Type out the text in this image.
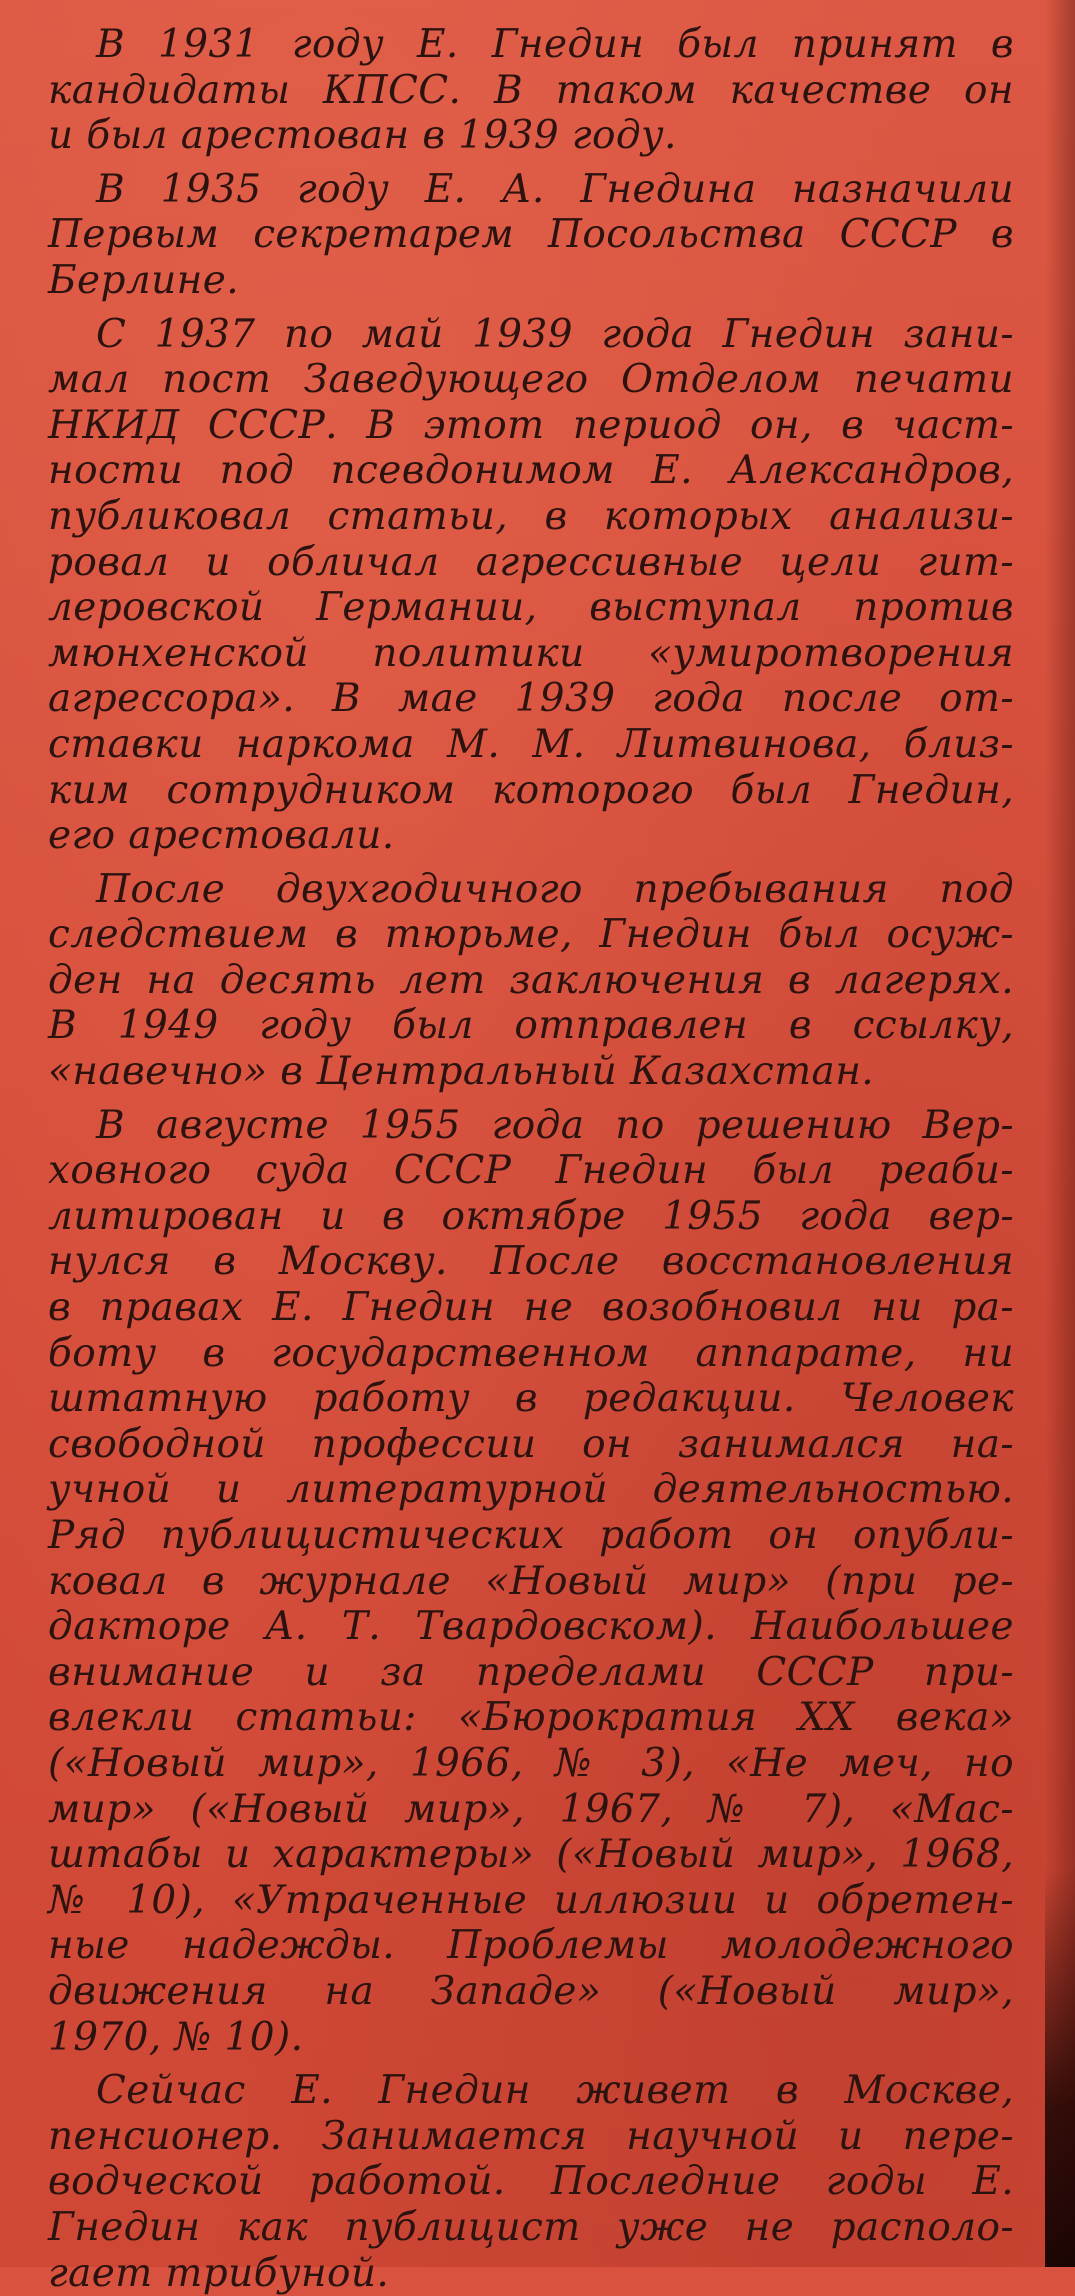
В 1931 году Е. Гнедин был принят в
кандидаты КПСС. В таком качестве он
и был арестован в 1939 году.
В 1935 году Е. А. Гнедина назначили
Первым секретарем Посольства СССР в
Берлине.
С 1937 по май 1939 года Гнедин зани-
мал пост Заведующего Отделом печати
НКИД СССР. В этот период он, в част-
ности под псевдонимом Е. Александров,
публиковал статьи, в которых анализи-
ровал и обличал агрессивные цели гит-
леровской Германии, выступал против
мюнхенской политики «умиротворения
агрессора». В мае 1939 года после от-
ставки наркома М. М. Литвинова, близ-
ким сотрудником которого был Гнедин,
его арестовали.
После двухгодичного пребывания под
следствием в тюрьме, Гнедин был осуж-
ден на десять лет заключения в лагерях.
В 1949 году был отправлен в ссылку,
«навечно» в Центральный Казахстан.
В августе 1955 года по решению Вер-
ховного суда СССР Гнедин был реаби-
литирован и в октябре 1955 года вер-
нулся в Москву. После восстановления
в правах Е. Гнедин не возобновил ни ра-
боту в государственном аппарате, ни
штатную работу в редакции. Человек
свободной профессии он занимался на-
учной и литературной деятельностью.
Ряд публицистических работ он опубли-
ковал в журнале «Новый мир» (при ре-
дакторе А. Т. Твардовском). Наибольшее
внимание и за пределами СССР при-
влекли статьи: «Бюрократия XX века»
(«Новый мир», 1966, № 3), «Не меч, но
мир» («Новый мир», 1967, № 7), «Мас-
штабы и характеры» («Новый мир», 1968,
№ 10), «Утраченные иллюзии и обретен-
ные надежды. Проблемы молодежного
движения на Западе» («Новый мир»,
1970, № 10).
Сейчас Е. Гнедин живет в Москве,
пенсионер. Занимается научной и пере-
водческой работой. Последние годы Е.
Гнедин как публицист уже не располо-
гает трибуной.
